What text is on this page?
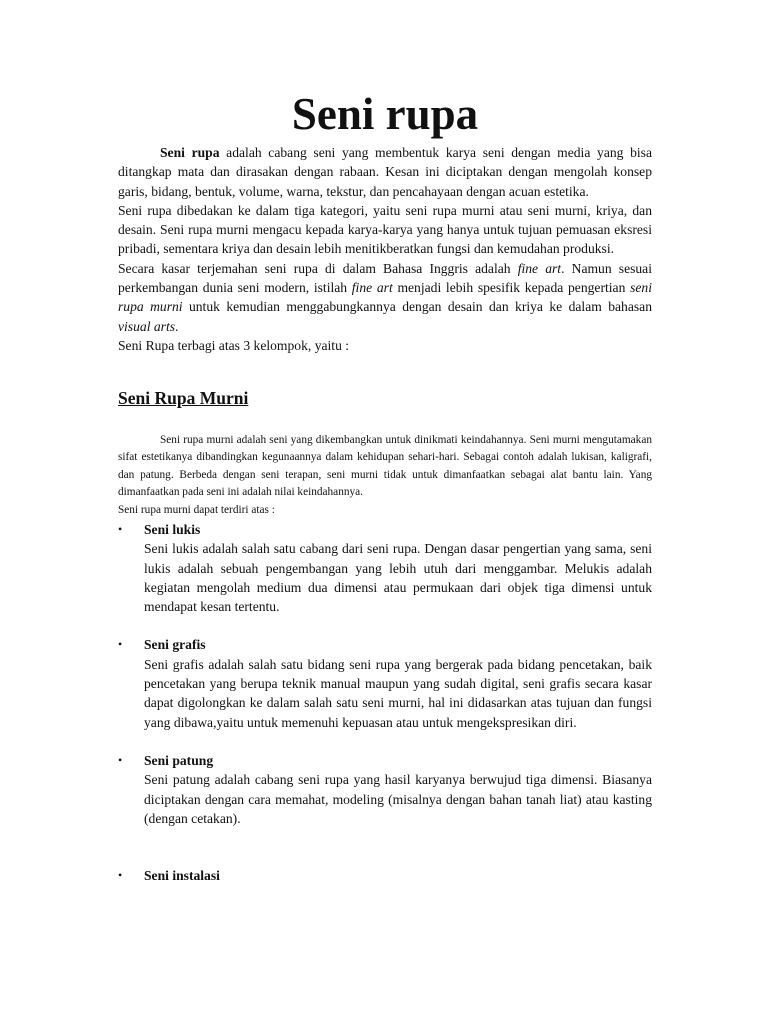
Seni rupa

Seni rupa adalah cabang seni yang membentuk karya seni dengan media yang bisa ditangkap mata dan dirasakan dengan rabaan. Kesan ini diciptakan dengan mengolah konsep garis, bidang, bentuk, volume, warna, tekstur, dan pencahayaan dengan acuan estetika.

Seni rupa dibedakan ke dalam tiga kategori, yaitu seni rupa murni atau seni murni, kriya, dan desain. Seni rupa murni mengacu kepada karya-karya yang hanya untuk tujuan pemuasan eksresi pribadi, sementara kriya dan desain lebih menitikberatkan fungsi dan kemudahan produksi.

Secara kasar terjemahan seni rupa di dalam Bahasa Inggris adalah fine art. Namun sesuai perkembangan dunia seni modern, istilah fine art menjadi lebih spesifik kepada pengertian seni rupa murni untuk kemudian menggabungkannya dengan desain dan kriya ke dalam bahasan visual arts.

Seni Rupa terbagi atas 3 kelompok, yaitu :

Seni Rupa Murni

Seni rupa murni adalah seni yang dikembangkan untuk dinikmati keindahannya. Seni murni mengutamakan sifat estetikanya dibandingkan kegunaannya dalam kehidupan sehari-hari. Sebagai contoh adalah lukisan, kaligrafi, dan patung. Berbeda dengan seni terapan, seni murni tidak untuk dimanfaatkan sebagai alat bantu lain. Yang dimanfaatkan pada seni ini adalah nilai keindahannya.

Seni rupa murni dapat terdiri atas :

• Seni lukis
Seni lukis adalah salah satu cabang dari seni rupa. Dengan dasar pengertian yang sama, seni lukis adalah sebuah pengembangan yang lebih utuh dari menggambar. Melukis adalah kegiatan mengolah medium dua dimensi atau permukaan dari objek tiga dimensi untuk mendapat kesan tertentu.
• Seni grafis
Seni grafis adalah salah satu bidang seni rupa yang bergerak pada bidang pencetakan, baik pencetakan yang berupa teknik manual maupun yang sudah digital, seni grafis secara kasar dapat digolongkan ke dalam salah satu seni murni, hal ini didasarkan atas tujuan dan fungsi yang dibawa,yaitu untuk memenuhi kepuasan atau untuk mengekspresikan diri.
• Seni patung
Seni patung adalah cabang seni rupa yang hasil karyanya berwujud tiga dimensi. Biasanya diciptakan dengan cara memahat, modeling (misalnya dengan bahan tanah liat) atau kasting (dengan cetakan).
• Seni instalasi
